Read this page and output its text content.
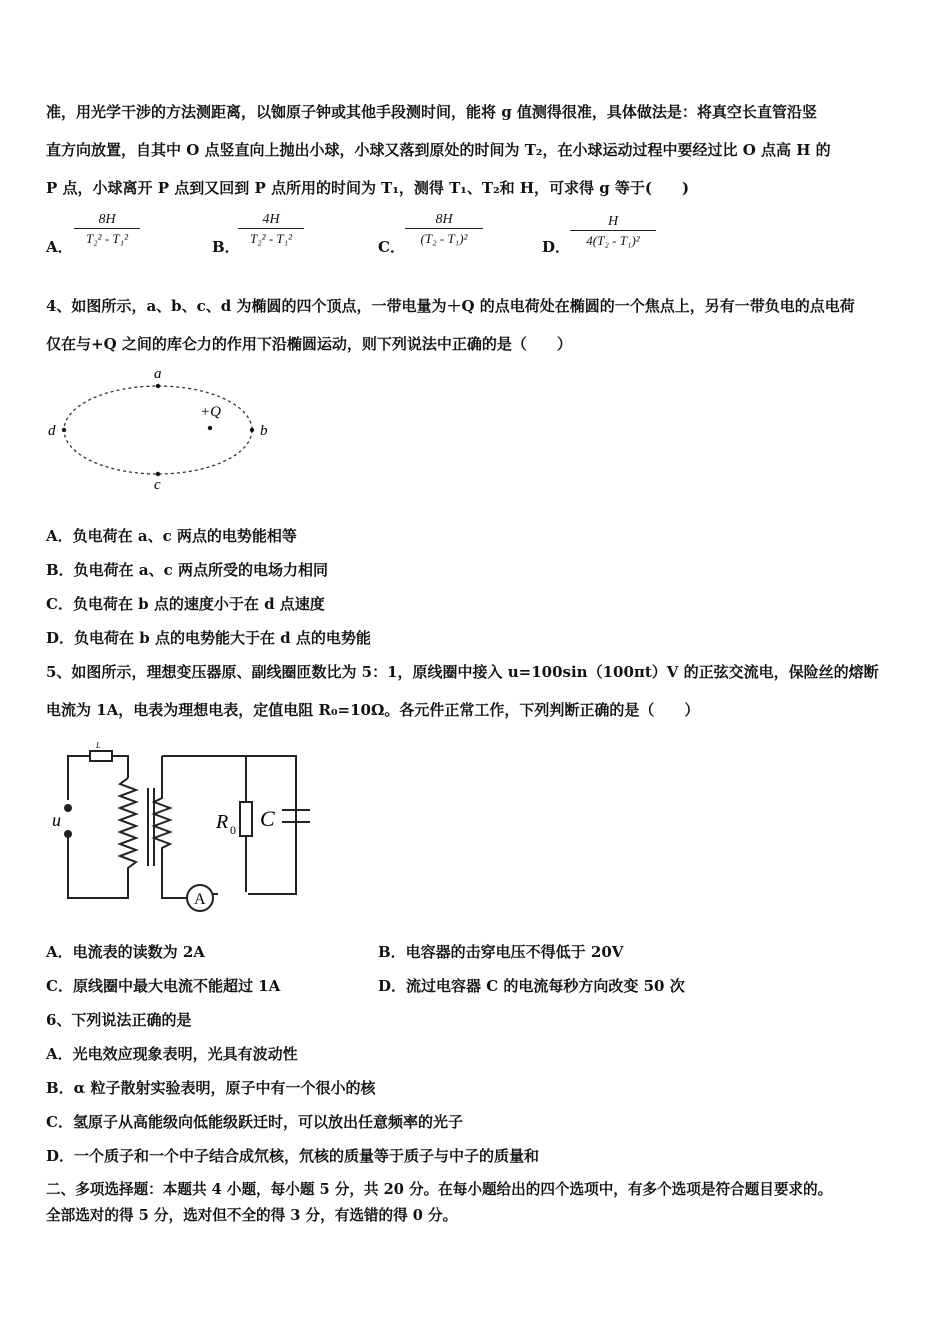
准，用光学干涉的方法测距离，以铷原子钟或其他手段测时间，能将 g 值测得很准，具体做法是：将真空长直管沿竖
直方向放置，自其中 O 点竖直向上抛出小球，小球又落到原处的时间为 T₂，在小球运动过程中要经过比 O 点高 H 的
P 点，小球离开 P 点到又回到 P 点所用的时间为 T₁，测得 T₁、T₂和 H，可求得 g 等于(　　)
A． $\frac{8H}{\text{T₂² - T₁²}}$	B．
$\frac{4H}{\text{T₂² - T₁²}}$	C． $\frac{8H}{\text{(T₂ - T₁)²}}$	D． $\frac{H}{\text{4(T₂ - T₁)²}}$
4、如图所示，a、b、c、d 为椭圆的四个顶点，一带电量为＋Q 的点电荷处在椭圆的一个焦点上，另有一带负电的点电荷
仅在与+Q 之间的库仑力的作用下沿椭圆运动，则下列说法中正确的是（　　）
a
b
c
d
+Q
A．负电荷在 a、c 两点的电势能相等
B．负电荷在 a、c 两点所受的电场力相同
C．负电荷在 b 点的速度小于在 d 点速度
D．负电荷在 b 点的电势能大于在 d 点的电势能
5、如图所示，理想变压器原、副线圈匝数比为 5：1，原线圈中接入 u=100sin（100πt）V 的正弦交流电，保险丝的熔断
电流为 1A，电表为理想电表，定值电阻 R₀=10Ω。各元件正常工作，下列判断正确的是（　　）
A
L
u	R 0 C
A．电流表的读数为 2A	B．电容器的击穿电压不得低于 20V
C．原线圈中最大电流不能超过 1A	D．流过电容器 C 的电流每秒方向改变 50 次
6、下列说法正确的是
A．光电效应现象表明，光具有波动性
B．α 粒子散射实验表明，原子中有一个很小的核
C．氢原子从高能级向低能级跃迁时，可以放出任意频率的光子
D．一个质子和一个中子结合成氘核，氘核的质量等于质子与中子的质量和
二、多项选择题：本题共 4 小题，每小题 5 分，共 20 分。在每小题给出的四个选项中，有多个选项是符合题目要求的。
全部选对的得 5 分，选对但不全的得 3 分，有选错的得 0 分。
